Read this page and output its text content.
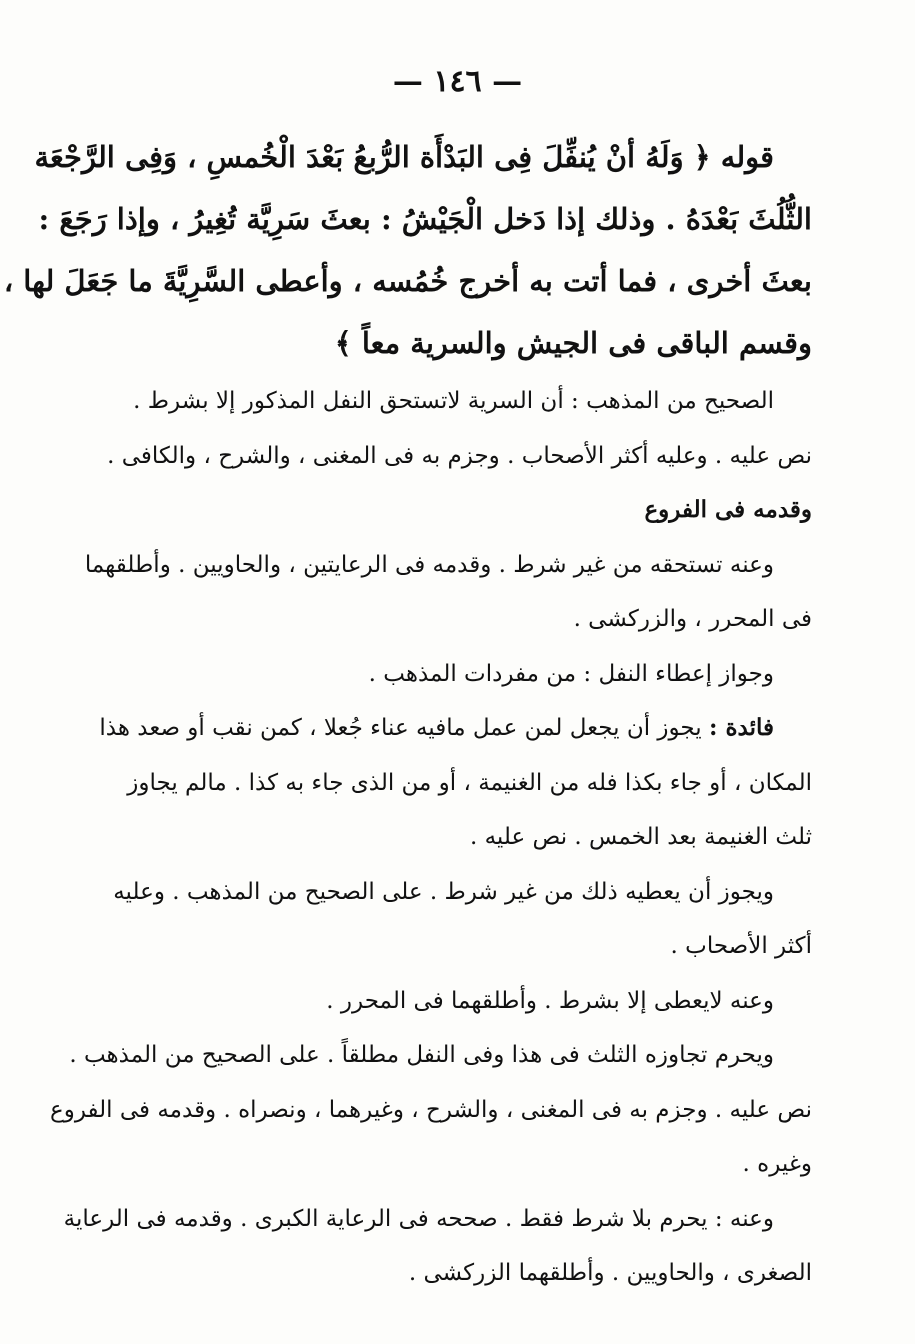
— ١٤٦ —
قوله ﴿ وَلَهُ أنْ يُنفِّلَ فِى البَدْأَة الرُّبعُ بَعْدَ الْخُمسِ ، وَفِى الرَّجْعَة
الثُّلُثَ بَعْدَهُ . وذلك إذا دَخل الْجَيْشُ : بعثَ سَرِيَّة تُغِيرُ ، وإذا رَجَعَ :
بعثَ أخرى ، فما أتت به أخرج خُمُسه ، وأعطى السَّرِيَّةَ ما جَعَلَ لها ،
وقسم الباقى فى الجيش والسرية معاً ﴾
الصحيح من المذهب : أن السرية لاتستحق النفل المذكور إلا بشرط .
نص عليه . وعليه أكثر الأصحاب . وجزم به فى المغنى ، والشرح ، والكافى .
وقدمه فى الفروع
وعنه تستحقه من غير شرط . وقدمه فى الرعايتين ، والحاويين . وأطلقهما
فى المحرر ، والزركشى .
وجواز إعطاء النفل : من مفردات المذهب .
فائدة : يجوز أن يجعل لمن عمل مافيه عناء جُعلا ، كمن نقب أو صعد هذا
المكان ، أو جاء بكذا فله من الغنيمة ، أو من الذى جاء به كذا . مالم يجاوز
ثلث الغنيمة بعد الخمس . نص عليه .
ويجوز أن يعطيه ذلك من غير شرط . على الصحيح من المذهب . وعليه
أكثر الأصحاب .
وعنه لايعطى إلا بشرط . وأطلقهما فى المحرر .
ويحرم تجاوزه الثلث فى هذا وفى النفل مطلقاً . على الصحيح من المذهب .
نص عليه . وجزم به فى المغنى ، والشرح ، وغيرهما ، ونصراه . وقدمه فى الفروع
وغيره .
وعنه : يحرم بلا شرط فقط . صححه فى الرعاية الكبرى . وقدمه فى الرعاية
الصغرى ، والحاويين . وأطلقهما الزركشى .
